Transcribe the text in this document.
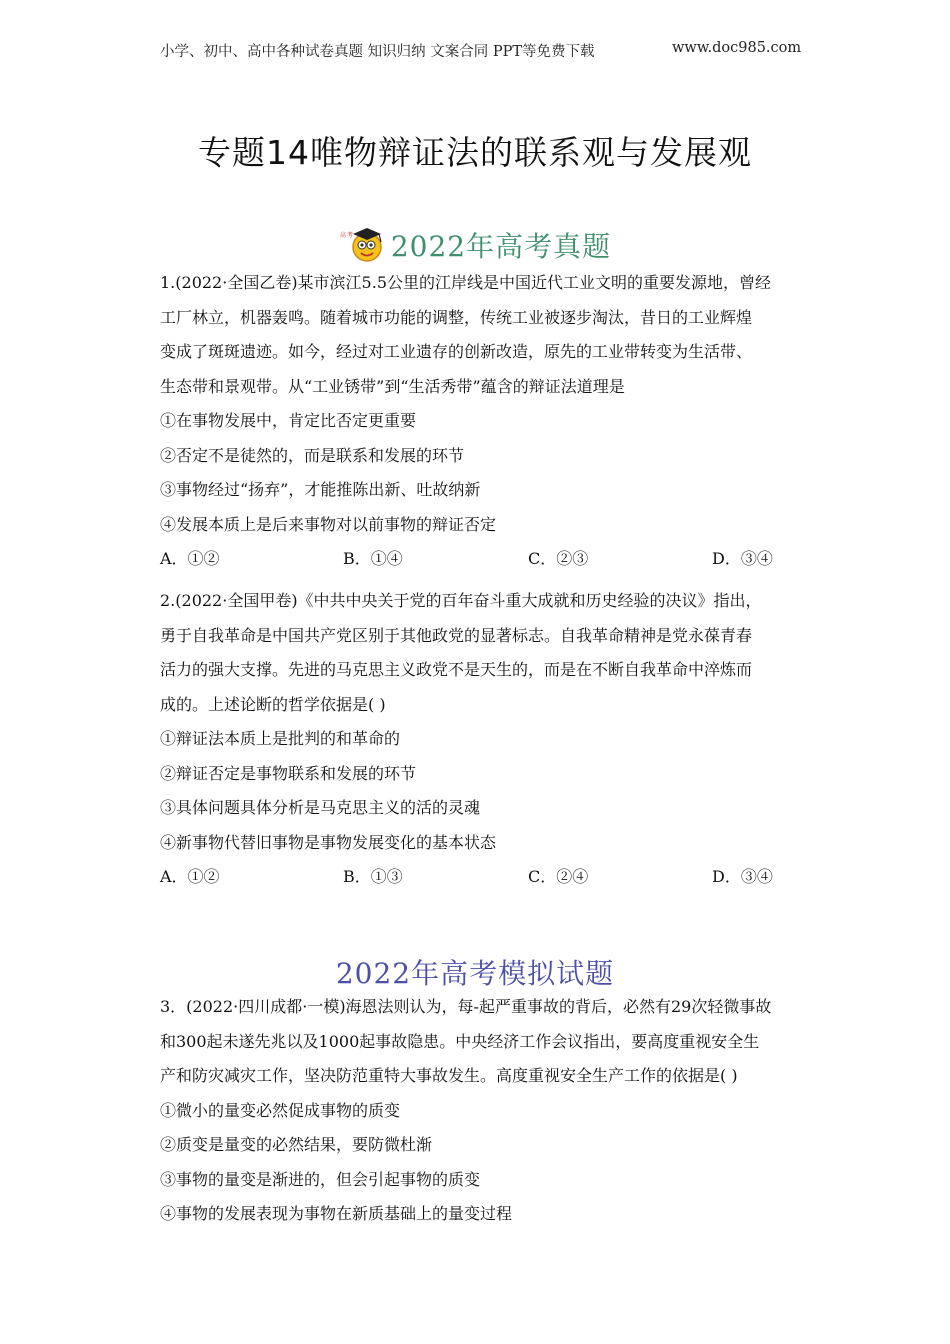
小学、初中、高中各种试卷真题 知识归纳 文案合同 PPT等免费下载	www.doc985.com
专题14唯物辩证法的联系观与发展观
高考 2022年高考真题

1.(2022·全国乙卷)某市滨江5.5公里的江岸线是中国近代工业文明的重要发源地，曾经

工厂林立，机器轰鸣。随着城市功能的调整，传统工业被逐步淘汰，昔日的工业辉煌

变成了斑斑遗迹。如今，经过对工业遗存的创新改造，原先的工业带转变为生活带、

生态带和景观带。从“工业锈带”到“生活秀带”蕴含的辩证法道理是

①在事物发展中，肯定比否定更重要

②否定不是徒然的，而是联系和发展的环节

③事物经过“扬弃”，才能推陈出新、吐故纳新

④发展本质上是后来事物对以前事物的辩证否定

A．①②	B．①④	C．②③	D．③④

2.(2022·全国甲卷)《中共中央关于党的百年奋斗重大成就和历史经验的决议》指出，

勇于自我革命是中国共产党区别于其他政党的显著标志。自我革命精神是党永葆青春

活力的强大支撑。先进的马克思主义政党不是天生的，而是在不断自我革命中淬炼而

成的。上述论断的哲学依据是( )

①辩证法本质上是批判的和革命的

②辩证否定是事物联系和发展的环节

③具体问题具体分析是马克思主义的活的灵魂

④新事物代替旧事物是事物发展变化的基本状态

A．①②	B．①③	C．②④	D．③④
2022年高考模拟试题

3．(2022·四川成都·一模)海恩法则认为，每-起严重事故的背后，必然有29次轻微事故

和300起未遂先兆以及1000起事故隐患。中央经济工作会议指出，要高度重视安全生

产和防灾减灾工作，坚决防范重特大事故发生。高度重视安全生产工作的依据是( )

①微小的量变必然促成事物的质变

②质变是量变的必然结果，要防微杜渐

③事物的量变是渐进的，但会引起事物的质变

④事物的发展表现为事物在新质基础上的量变过程
